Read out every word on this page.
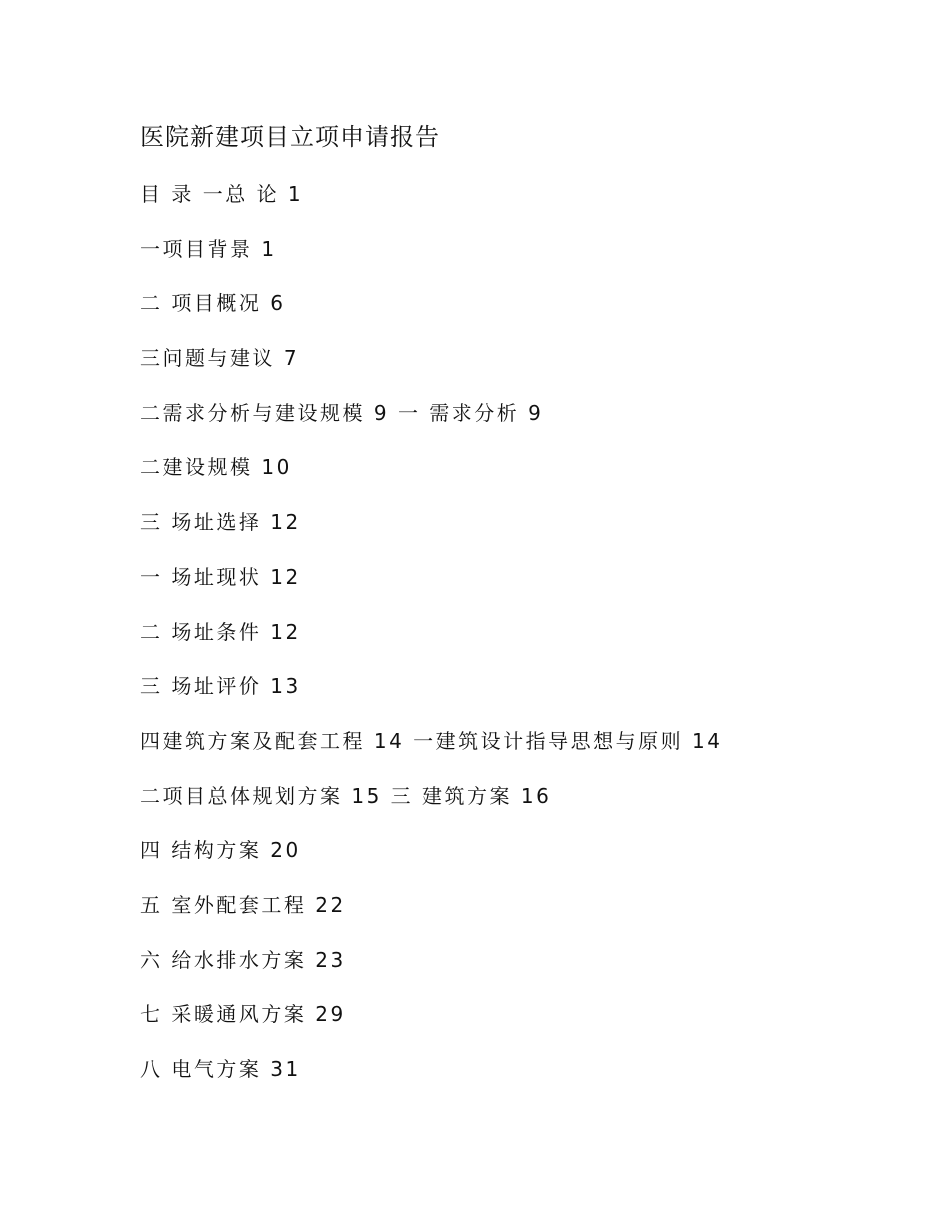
医院新建项目立项申请报告
目 录 一总 论 1
一项目背景 1
二 项目概况 6
三问题与建议 7
二需求分析与建设规模 9 一 需求分析 9
二建设规模 10
三 场址选择 12
一 场址现状 12
二 场址条件 12
三 场址评价 13
四建筑方案及配套工程 14 一建筑设计指导思想与原则 14
二项目总体规划方案 15 三 建筑方案 16
四 结构方案 20
五 室外配套工程 22
六 给水排水方案 23
七 采暖通风方案 29
八 电气方案 31
